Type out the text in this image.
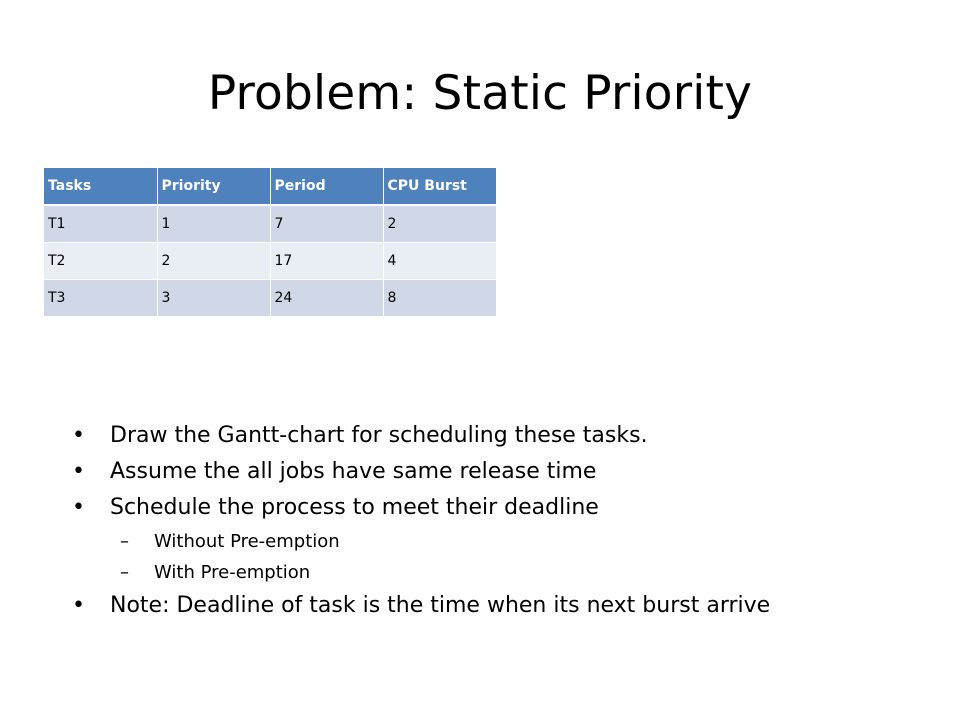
Problem: Static Priority
Tasks	Priority	Period	CPU Burst
T1	1	7	2
T2	2	17	4
T3	3	24	8
• Draw the Gantt-chart for scheduling these tasks.
• Assume the all jobs have same release time
• Schedule the process to meet their deadline
– Without Pre-emption
– With Pre-emption
• Note: Deadline of task is the time when its next burst arrive
